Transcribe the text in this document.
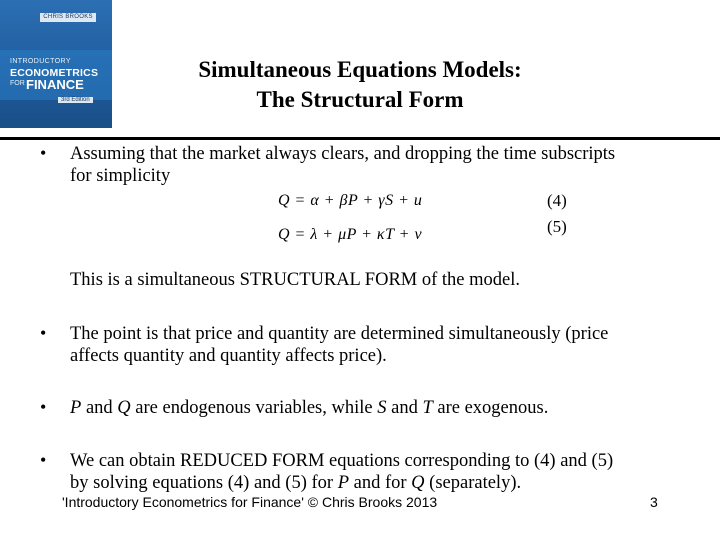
CHRIS BROOKS
INTRODUCTORY
ECONOMETRICS
FOR FINANCE
3rd Edition
Simultaneous Equations Models:
The Structural Form
• Assuming that the market always clears, and dropping the time subscripts
for simplicity
Q = α + βP + γS + u	(4)
Q = λ + μP + κT + v	(5)
This is a simultaneous STRUCTURAL FORM of the model.
• The point is that price and quantity are determined simultaneously (price
affects quantity and quantity affects price).
• P and Q are endogenous variables, while S and T are exogenous.
• We can obtain REDUCED FORM equations corresponding to (4) and (5)
by solving equations (4) and (5) for P and for Q (separately).
'Introductory Econometrics for Finance' © Chris Brooks 2013	3
